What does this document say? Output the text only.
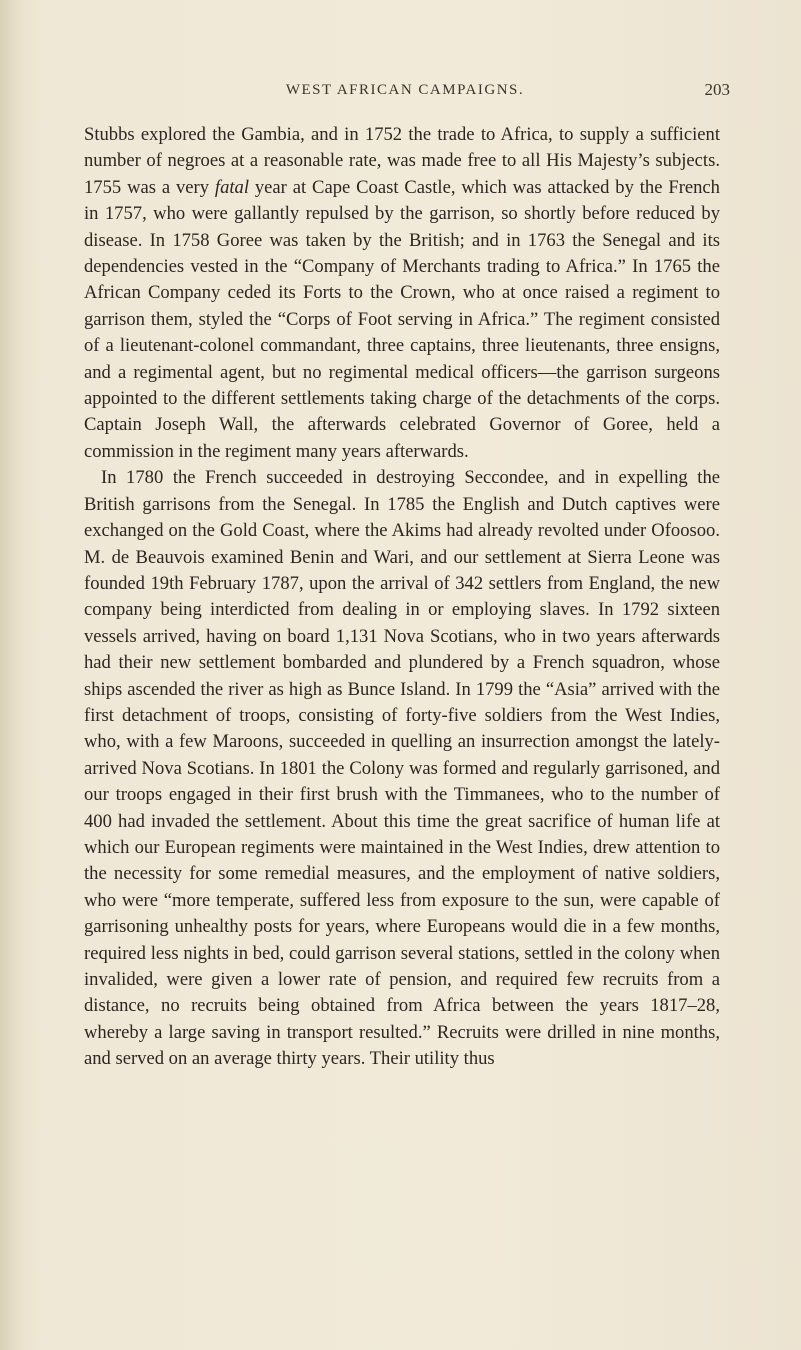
WEST AFRICAN CAMPAIGNS.	203

Stubbs explored the Gambia, and in 1752 the trade to Africa, to supply a sufficient number of negroes at a reasonable rate, was made free to all His Majesty’s subjects. 1755 was a very fatal year at Cape Coast Castle, which was attacked by the French in 1757, who were gallantly repulsed by the garrison, so shortly before reduced by disease. In 1758 Goree was taken by the British; and in 1763 the Senegal and its dependencies vested in the “Company of Merchants trading to Africa.” In 1765 the African Company ceded its Forts to the Crown, who at once raised a regiment to garrison them, styled the “Corps of Foot serving in Africa.” The regiment consisted of a lieutenant-colonel commandant, three captains, three lieutenants, three ensigns, and a regimental agent, but no regimental medical officers—the garrison surgeons appointed to the different settlements taking charge of the detachments of the corps. Captain Joseph Wall, the afterwards celebrated Governor of Goree, held a commission in the regiment many years afterwards.

In 1780 the French succeeded in destroying Seccondee, and in expelling the British garrisons from the Senegal. In 1785 the English and Dutch captives were exchanged on the Gold Coast, where the Akims had already revolted under Ofoosoo. M. de Beauvois examined Benin and Wari, and our settlement at Sierra Leone was founded 19th February 1787, upon the arrival of 342 settlers from England, the new company being interdicted from dealing in or employing slaves. In 1792 sixteen vessels arrived, having on board 1,131 Nova Scotians, who in two years afterwards had their new settlement bombarded and plundered by a French squadron, whose ships ascended the river as high as Bunce Island. In 1799 the “Asia” arrived with the first detachment of troops, consisting of forty-five soldiers from the West Indies, who, with a few Maroons, succeeded in quelling an insurrection amongst the lately-arrived Nova Scotians. In 1801 the Colony was formed and regularly garrisoned, and our troops engaged in their first brush with the Timmanees, who to the number of 400 had invaded the settlement. About this time the great sacrifice of human life at which our European regiments were maintained in the West Indies, drew attention to the necessity for some remedial measures, and the employment of native soldiers, who were “more temperate, suffered less from exposure to the sun, were capable of garrisoning unhealthy posts for years, where Europeans would die in a few months, required less nights in bed, could garrison several stations, settled in the colony when invalided, were given a lower rate of pension, and required few recruits from a distance, no recruits being obtained from Africa between the years 1817–28, whereby a large saving in transport resulted.” Recruits were drilled in nine months, and served on an average thirty years. Their utility thus
